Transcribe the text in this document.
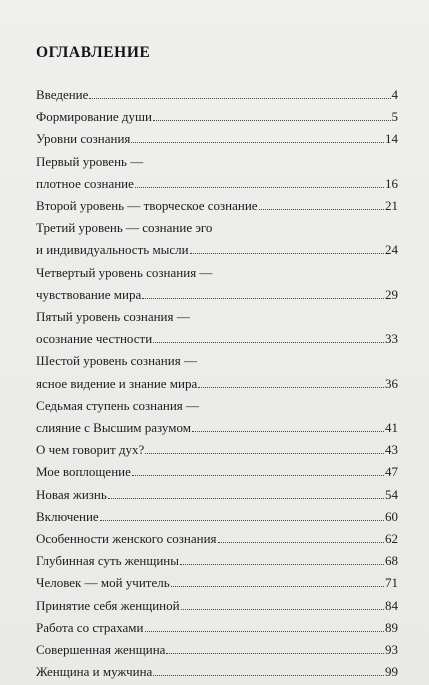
ОГЛАВЛЕНИЕ
Введение	4
Формирование души	5
Уровни сознания	14
Первый уровень —
плотное сознание	16
Второй уровень — творческое сознание	21
Третий уровень — сознание эго
и индивидуальность мысли	24
Четвертый уровень сознания —
чувствование мира	29
Пятый уровень сознания —
осознание честности	33
Шестой уровень сознания —
ясное видение и знание мира	36
Седьмая ступень сознания —
слияние с Высшим разумом	41
О чем говорит дух?	43
Мое воплощение	47
Новая жизнь	54
Включение	60
Особенности женского сознания	62
Глубинная суть женщины	68
Человек — мой учитель	71
Принятие себя женщиной	84
Работа со страхами	89
Совершенная женщина	93
Женщина и мужчина	99
